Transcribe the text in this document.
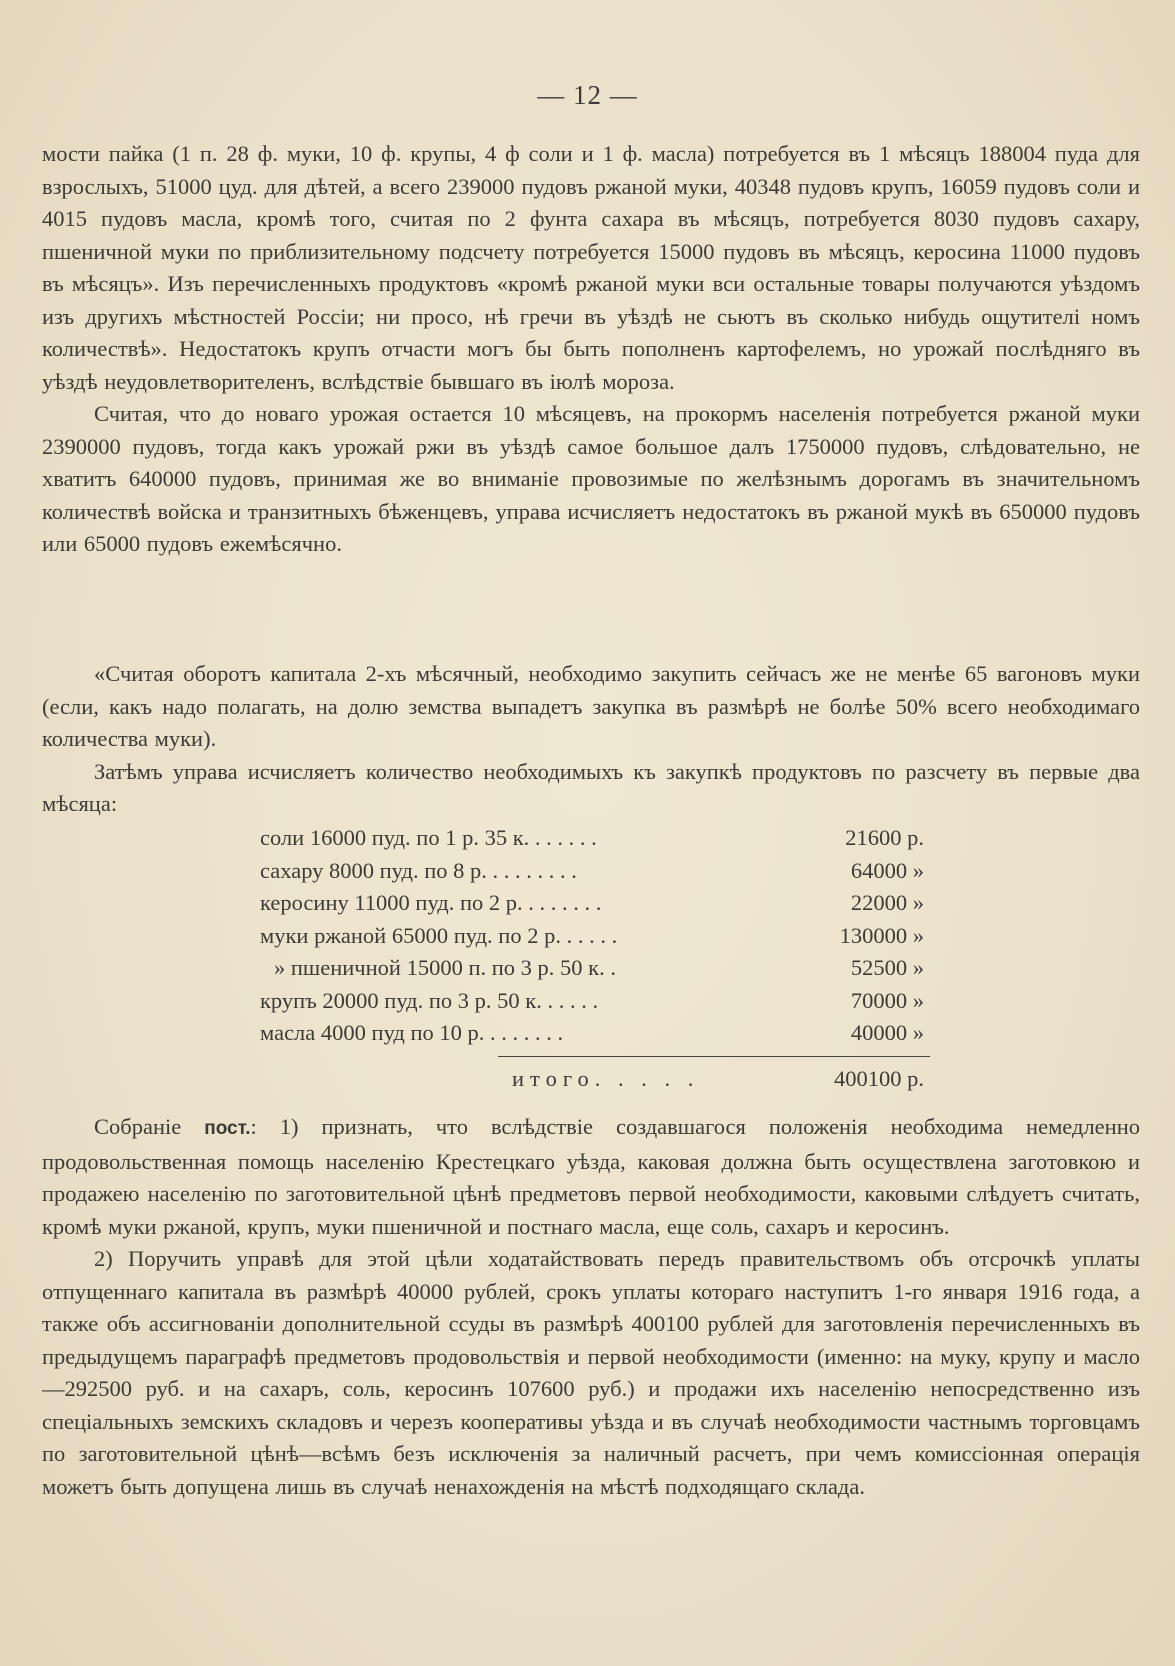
— 12 —

мости пайка (1 п. 28 ф. муки, 10 ф. крупы, 4 ф соли и 1 ф. масла) потребуется въ 1 мѣсяцъ 188004 пуда для взрослыхъ, 51000 цуд. для дѣтей, а всего 239000 пудовъ ржаной муки, 40348 пудовъ крупъ, 16059 пудовъ соли и 4015 пудовъ масла, кромѣ того, считая по 2 фунта сахара въ мѣсяцъ, потребуется 8030 пудовъ сахару, пшеничной муки по приблизительному подсчету потребуется 15000 пудовъ въ мѣсяцъ, керосина 11000 пудовъ въ мѣсяцъ». Изъ перечисленныхъ продуктовъ «кромѣ ржаной муки вси остальные товары получаются уѣздомъ изъ другихъ мѣстностей Россіи; ни просо, нѣ гречи въ уѣздѣ не сьютъ въ сколько нибудь ощутителі номъ количествѣ». Недостатокъ крупъ отчасти могъ бы быть пополненъ картофелемъ, но урожай послѣдняго въ уѣздѣ неудовлетворителенъ, вслѣдствіе бывшаго въ іюлѣ мороза.

Считая, что до новаго урожая остается 10 мѣсяцевъ, на прокормъ населенія потребуется ржаной муки 2390000 пудовъ, тогда какъ урожай ржи въ уѣздѣ самое большое далъ 1750000 пудовъ, слѣдовательно, не хватитъ 640000 пудовъ, принимая же во вниманіе провозимые по желѣзнымъ дорогамъ въ значительномъ количествѣ войска и транзитныхъ бѣженцевъ, управа исчисляетъ недостатокъ въ ржаной мукѣ въ 650000 пудовъ или 65000 пудовъ ежемѣсячно.

«Считая оборотъ капитала 2-хъ мѣсячный, необходимо закупить сейчасъ же не менѣе 65 вагоновъ муки (если, какъ надо полагать, на долю земства выпадетъ закупка въ размѣрѣ не болѣе 50% всего необходимаго количества муки).

Затѣмъ управа исчисляетъ количество необходимыхъ къ закупкѣ продуктовъ по разсчету въ первые два мѣсяца:

соли 16000 пуд. по 1 р. 35 к. . . . . . .	21600 р.
сахару 8000 пуд. по 8 р. . . . . . . . .	64000 »
керосину 11000 пуд. по 2 р. . . . . . . .	22000 »
муки ржаной 65000 пуд. по 2 р. . . . . .	130000 »
» пшеничной 15000 п. по 3 р. 50 к. .	52500 »
крупъ 20000 пуд. по 3 р. 50 к. . . . . .	70000 »
масла 4000 пуд по 10 р. . . . . . . .	40000 »
итого. . . . .	400100 р.

Собраніе пост.: 1) признать, что вслѣдствіе создавшагося положенія необходима немедленно продовольственная помощь населенію Крестецкаго уѣзда, каковая должна быть осуществлена заготовкою и продажею населенію по заготовительной цѣнѣ предметовъ первой необходимости, каковыми слѣдуетъ считать, кромѣ муки ржаной, крупъ, муки пшеничной и постнаго масла, еще соль, сахаръ и керосинъ.

2) Поручить управѣ для этой цѣли ходатайствовать передъ правительствомъ объ отсрочкѣ уплаты отпущеннаго капитала въ размѣрѣ 40000 рублей, срокъ уплаты котораго наступитъ 1-го января 1916 года, а также объ ассигнованіи дополнительной ссуды въ размѣрѣ 400100 рублей для заготовленія перечисленныхъ въ предыдущемъ параграфѣ предметовъ продовольствія и первой необходимости (именно: на муку, крупу и масло—292500 руб. и на сахаръ, соль, керосинъ 107600 руб.) и продажи ихъ населенію непосредственно изъ спеціальныхъ земскихъ складовъ и черезъ кооперативы уѣзда и въ случаѣ необходимости частнымъ торговцамъ по заготовительной цѣнѣ—всѣмъ безъ исключенія за наличный расчетъ, при чемъ комиссіонная операція можетъ быть допущена лишь въ случаѣ ненахожденія на мѣстѣ подходящаго склада.
